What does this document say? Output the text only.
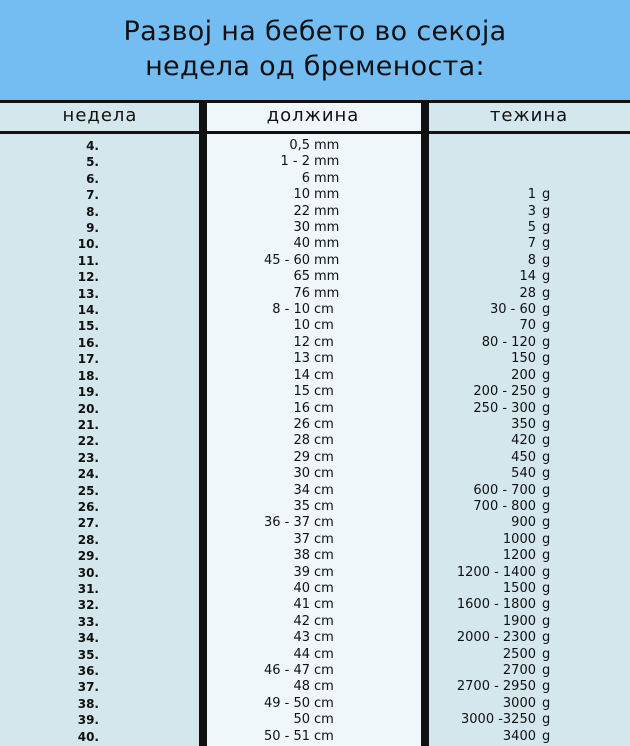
Развој на бебето во секоја
недела од бременоста:
недела	должина	тежина
4.	0,5 mm
5.	1 - 2 mm
6.	6 mm
7.	10 mm	1 g
8.	22 mm	3 g
9.	30 mm	5 g
10.	40 mm	7 g
11.	45 - 60 mm	8 g
12.	65 mm	14 g
13.	76 mm	28 g
14.	8 - 10 cm	30 - 60 g
15.	10 cm	70 g
16.	12 cm	80 - 120 g
17.	13 cm	150 g
18.	14 cm	200 g
19.	15 cm	200 - 250 g
20.	16 cm	250 - 300 g
21.	26 cm	350 g
22.	28 cm	420 g
23.	29 cm	450 g
24.	30 cm	540 g
25.	34 cm	600 - 700 g
26.	35 cm	700 - 800 g
27.	36 - 37 cm	900 g
28.	37 cm	1000 g
29.	38 cm	1200 g
30.	39 cm	1200 - 1400 g
31.	40 cm	1500 g
32.	41 cm	1600 - 1800 g
33.	42 cm	1900 g
34.	43 cm	2000 - 2300 g
35.	44 cm	2500 g
36.	46 - 47 cm	2700 g
37.	48 cm	2700 - 2950 g
38.	49 - 50 cm	3000 g
39.	50 cm	3000 -3250 g
40.	50 - 51 cm	3400 g
